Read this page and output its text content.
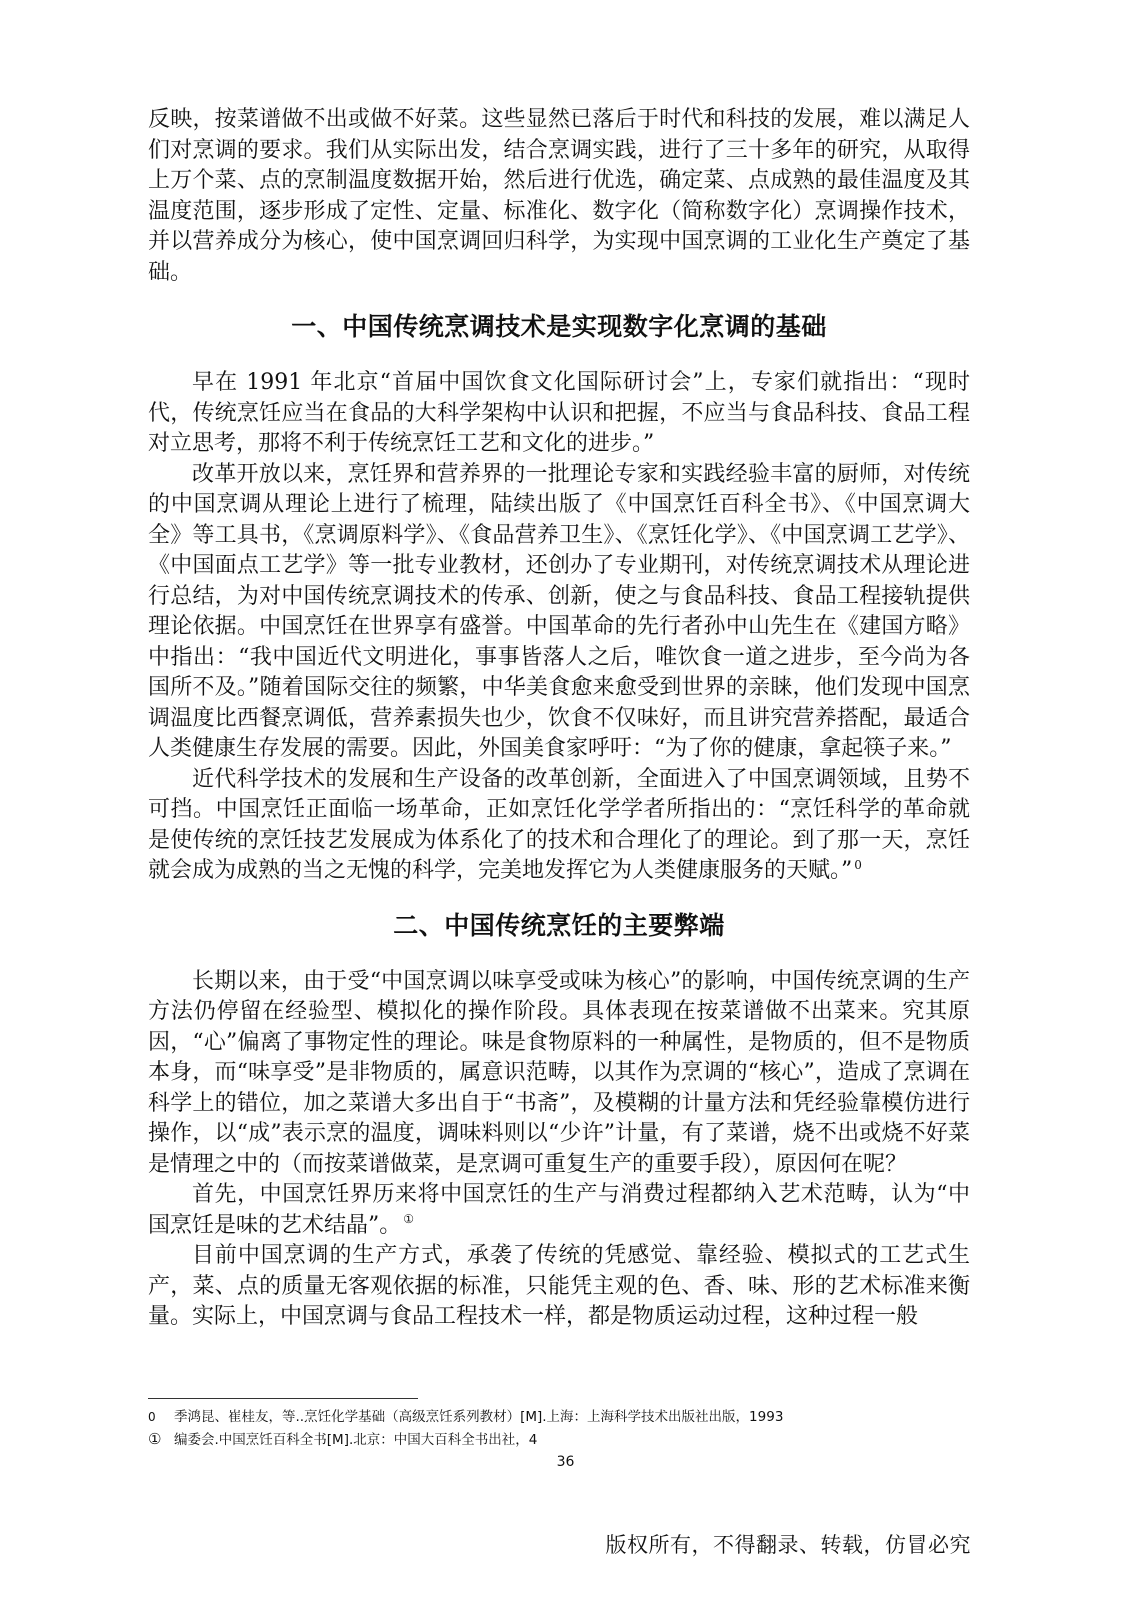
反映，按菜谱做不出或做不好菜。这些显然已落后于时代和科技的发展，难以满足人们对烹调的要求。我们从实际出发，结合烹调实践，进行了三十多年的研究，从取得上万个菜、点的烹制温度数据开始，然后进行优选，确定菜、点成熟的最佳温度及其温度范围，逐步形成了定性、定量、标准化、数字化（简称数字化）烹调操作技术，并以营养成分为核心，使中国烹调回归科学，为实现中国烹调的工业化生产奠定了基础。

一、中国传统烹调技术是实现数字化烹调的基础

早在 1991 年北京“首届中国饮食文化国际研讨会”上，专家们就指出：“现时代，传统烹饪应当在食品的大科学架构中认识和把握，不应当与食品科技、食品工程对立思考，那将不利于传统烹饪工艺和文化的进步。”

改革开放以来，烹饪界和营养界的一批理论专家和实践经验丰富的厨师，对传统的中国烹调从理论上进行了梳理，陆续出版了《中国烹饪百科全书》、《中国烹调大全》等工具书，《烹调原料学》、《食品营养卫生》、《烹饪化学》、《中国烹调工艺学》、《中国面点工艺学》等一批专业教材，还创办了专业期刊，对传统烹调技术从理论进行总结，为对中国传统烹调技术的传承、创新，使之与食品科技、食品工程接轨提供理论依据。中国烹饪在世界享有盛誉。中国革命的先行者孙中山先生在《建国方略》中指出：“我中国近代文明进化，事事皆落人之后，唯饮食一道之进步，至今尚为各国所不及。”随着国际交往的频繁，中华美食愈来愈受到世界的亲睐，他们发现中国烹调温度比西餐烹调低，营养素损失也少，饮食不仅味好，而且讲究营养搭配，最适合人类健康生存发展的需要。因此，外国美食家呼吁：“为了你的健康，拿起筷子来。”

近代科学技术的发展和生产设备的改革创新，全面进入了中国烹调领域，且势不可挡。中国烹饪正面临一场革命，正如烹饪化学学者所指出的：“烹饪科学的革命就是使传统的烹饪技艺发展成为体系化了的技术和合理化了的理论。到了那一天，烹饪就会成为成熟的当之无愧的科学，完美地发挥它为人类健康服务的天赋。” $^0$

二、中国传统烹饪的主要弊端

长期以来，由于受“中国烹调以味享受或味为核心”的影响，中国传统烹调的生产方法仍停留在经验型、模拟化的操作阶段。具体表现在按菜谱做不出菜来。究其原因，“心”偏离了事物定性的理论。味是食物原料的一种属性，是物质的，但不是物质本身，而“味享受”是非物质的，属意识范畴，以其作为烹调的“核心”，造成了烹调在科学上的错位，加之菜谱大多出自于“书斋”，及模糊的计量方法和凭经验靠模仿进行操作，以“成”表示烹的温度，调味料则以“少许”计量，有了菜谱，烧不出或烧不好菜是情理之中的（而按菜谱做菜，是烹调可重复生产的重要手段），原因何在呢？

首先，中国烹饪界历来将中国烹饪的生产与消费过程都纳入艺术范畴，认为“中国烹饪是味的艺术结晶”。 ①

目前中国烹调的生产方式，承袭了传统的凭感觉、靠经验、模拟式的工艺式生产，菜、点的质量无客观依据的标准，只能凭主观的色、香、味、形的艺术标准来衡量。实际上，中国烹调与食品工程技术一样，都是物质运动过程，这种过程一般

0	季鸿昆、崔桂友，等..烹饪化学基础（高级烹饪系列教材）[M].上海：上海科学技术出版社出版，1993
① 编委会.中国烹饪百科全书[M].北京：中国大百科全书出社，4
36
版权所有，不得翻录、转载，仿冒必究
